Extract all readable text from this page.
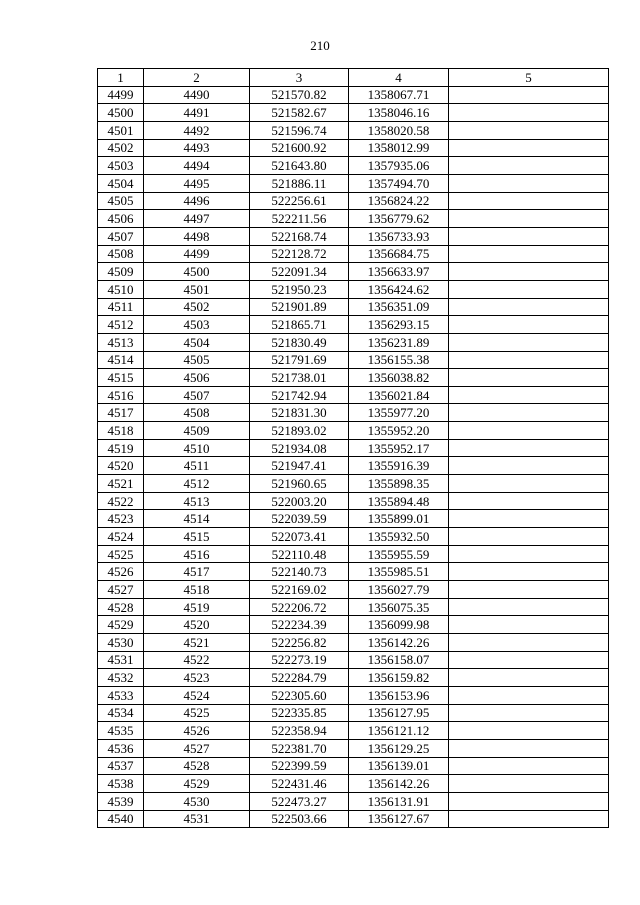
210
1	2	3	4	5
4499	4490	521570.82	1358067.71	
4500	4491	521582.67	1358046.16	
4501	4492	521596.74	1358020.58	
4502	4493	521600.92	1358012.99	
4503	4494	521643.80	1357935.06	
4504	4495	521886.11	1357494.70	
4505	4496	522256.61	1356824.22	
4506	4497	522211.56	1356779.62	
4507	4498	522168.74	1356733.93	
4508	4499	522128.72	1356684.75	
4509	4500	522091.34	1356633.97	
4510	4501	521950.23	1356424.62	
4511	4502	521901.89	1356351.09	
4512	4503	521865.71	1356293.15	
4513	4504	521830.49	1356231.89	
4514	4505	521791.69	1356155.38	
4515	4506	521738.01	1356038.82	
4516	4507	521742.94	1356021.84	
4517	4508	521831.30	1355977.20	
4518	4509	521893.02	1355952.20	
4519	4510	521934.08	1355952.17	
4520	4511	521947.41	1355916.39	
4521	4512	521960.65	1355898.35	
4522	4513	522003.20	1355894.48	
4523	4514	522039.59	1355899.01	
4524	4515	522073.41	1355932.50	
4525	4516	522110.48	1355955.59	
4526	4517	522140.73	1355985.51	
4527	4518	522169.02	1356027.79	
4528	4519	522206.72	1356075.35	
4529	4520	522234.39	1356099.98	
4530	4521	522256.82	1356142.26	
4531	4522	522273.19	1356158.07	
4532	4523	522284.79	1356159.82	
4533	4524	522305.60	1356153.96	
4534	4525	522335.85	1356127.95	
4535	4526	522358.94	1356121.12	
4536	4527	522381.70	1356129.25	
4537	4528	522399.59	1356139.01	
4538	4529	522431.46	1356142.26	
4539	4530	522473.27	1356131.91	
4540	4531	522503.66	1356127.67	
